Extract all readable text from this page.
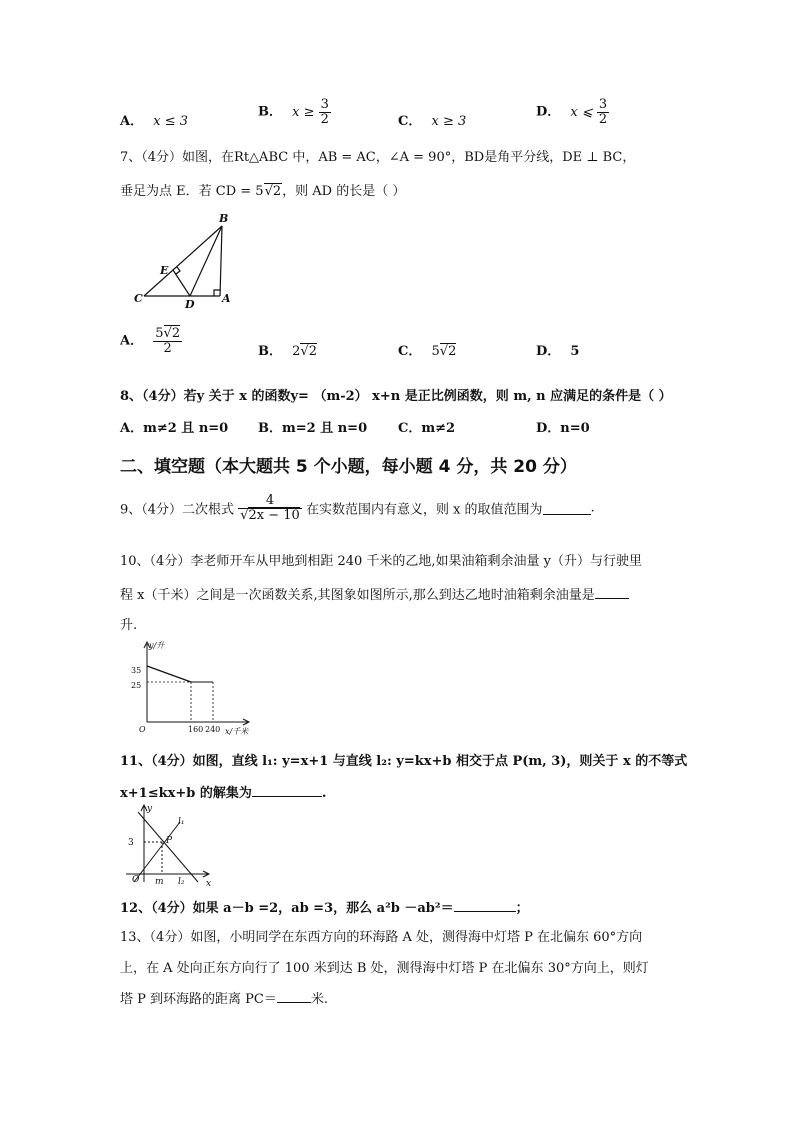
A． x ≤ 3
B． $x \ge \frac{3}{2}$	C． x ≥ 3
D． x ⩽ $\frac{3}{2}$
7、（4分）如图，在Rt△ABC 中，AB = AC，∠A = 90°，BD是角平分线，DE ⊥ BC，
垂足为点 E．若 CD = 5√2，则 AD 的长是（ ）
B
E
C	D A
A． $\frac{5√2}{2}$	B． 2√2	C． 5√2	D． 5
8、（4分）若y 关于 x 的函数y= （m-2） x+n 是正比例函数，则 m, n 应满足的条件是（ ）
A．m≠2 且 n=0 B．m=2 且 n=0 C．m≠2	D．n=0
二、填空题（本大题共 5 个小题，每小题 4 分，共 20 分）
9、（4分）二次根式 $\frac{4}{√2x - 10}$ 在实数范围内有意义，则 x 的取值范围为	.
10、（4分）李老师开车从甲地到相距 240 千米的乙地,如果油箱剩余油量 y（升）与行驶里
程 x（千米）之间是一次函数关系,其图象如图所示,那么到达乙地时油箱剩余油量是
升.
y/升
x/千米
O
35
25
160 240
11、（4分）如图，直线 l₁: y=x+1 与直线 l₂: y=kx+b 相交于点 P(m, 3)，则关于 x 的不等式
x+1≤kx+b 的解集为	.
y
x
l₁
l₂
3	P
O m
12、（4分）如果 a－b =2，ab =3，那么 a²b －ab²＝	；
13、（4分）如图，小明同学在东西方向的环海路 A 处，测得海中灯塔 P 在北偏东 60°方向
上，在 A 处向正东方向行了 100 米到达 B 处，测得海中灯塔 P 在北偏东 30°方向上，则灯
塔 P 到环海路的距离 PC＝	米.
